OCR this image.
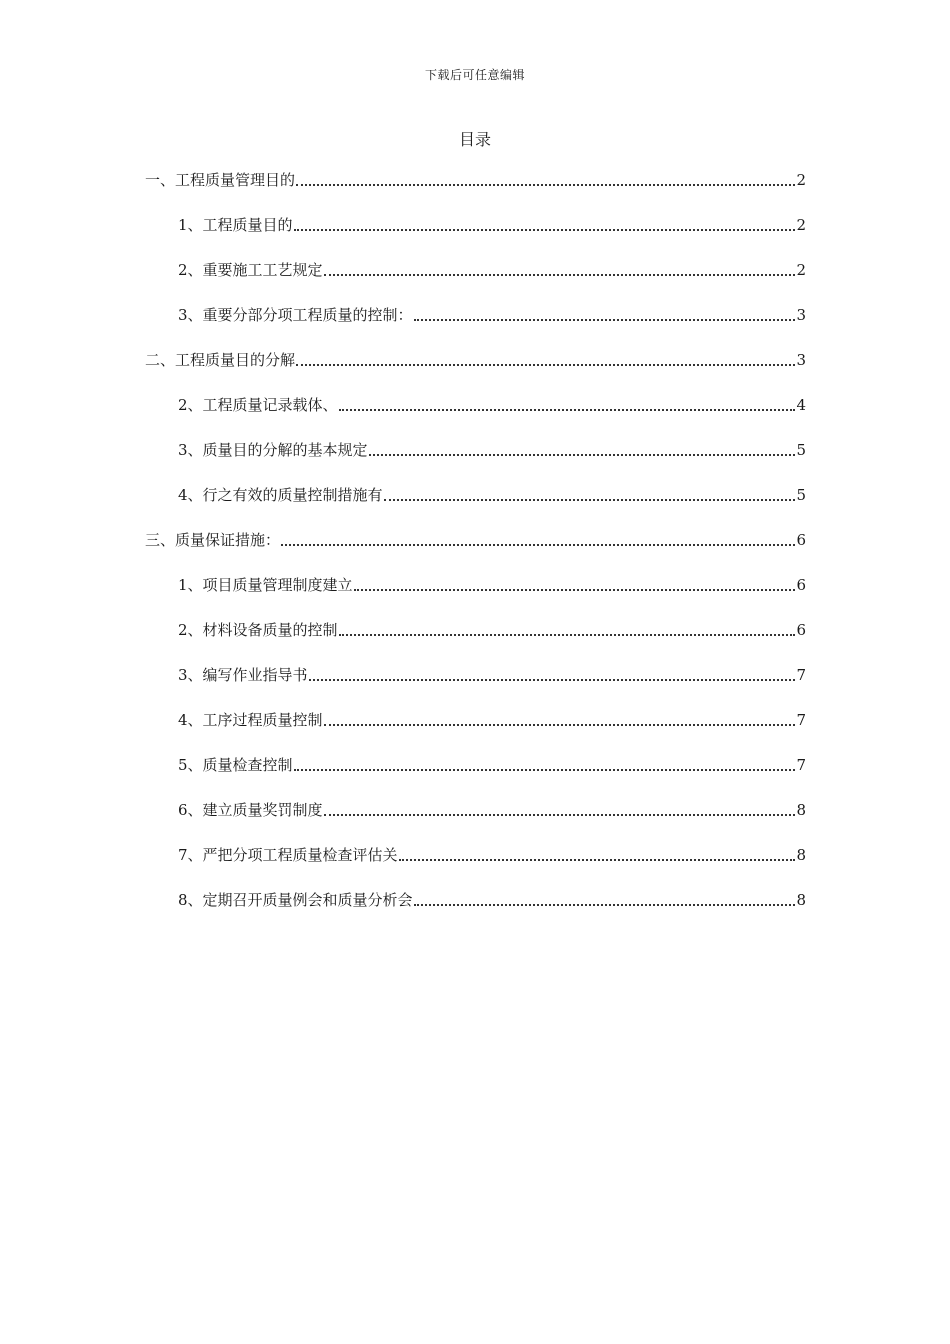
下载后可任意编辑
目录
一、工程质量管理目的	2
1、工程质量目的	2
2、重要施工工艺规定	2
3、重要分部分项工程质量的控制：	3
二、工程质量目的分解	3
2、工程质量记录载体、	4
3、质量目的分解的基本规定	5
4、行之有效的质量控制措施有	5
三、质量保证措施：	6
1、项目质量管理制度建立	6
2、材料设备质量的控制	6
3、编写作业指导书	7
4、工序过程质量控制	7
5、质量检查控制	7
6、建立质量奖罚制度	8
7、严把分项工程质量检查评估关	8
8、定期召开质量例会和质量分析会	8
